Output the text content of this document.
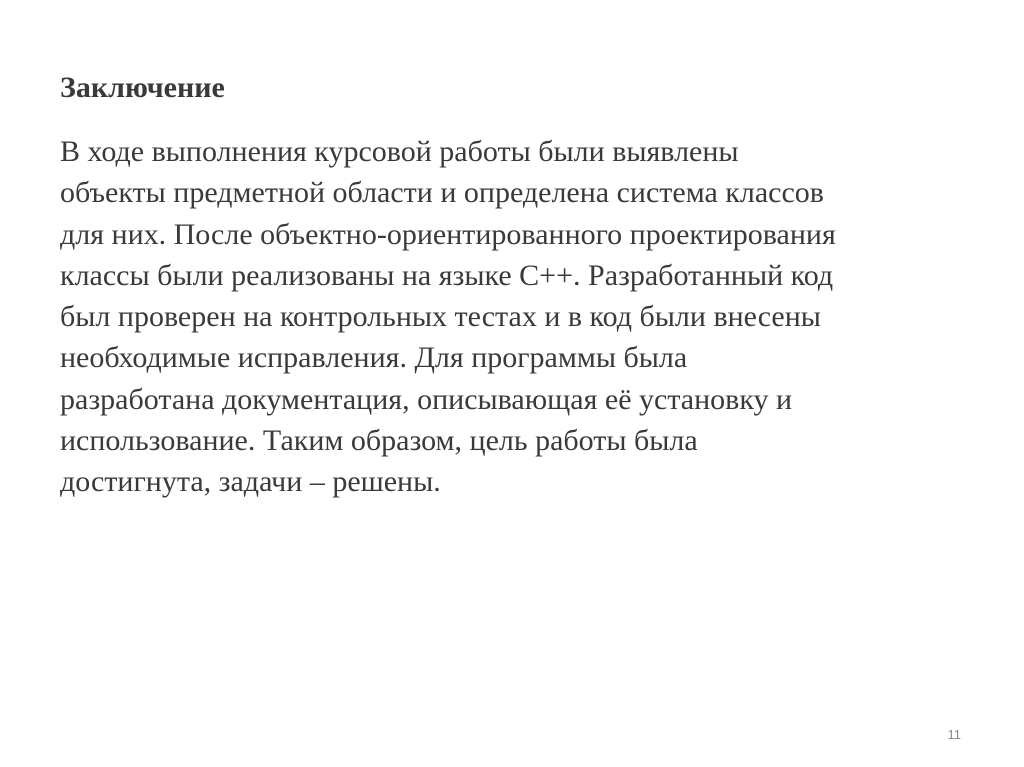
Заключение
В ходе выполнения курсовой работы были выявлены
объекты предметной области и определена система классов
для них. После объектно-ориентированного проектирования
классы были реализованы на языке С++. Разработанный код
был проверен на контрольных тестах и в код были внесены
необходимые исправления. Для программы была
разработана документация, описывающая её установку и
использование. Таким образом, цель работы была
достигнута, задачи – решены.
11
